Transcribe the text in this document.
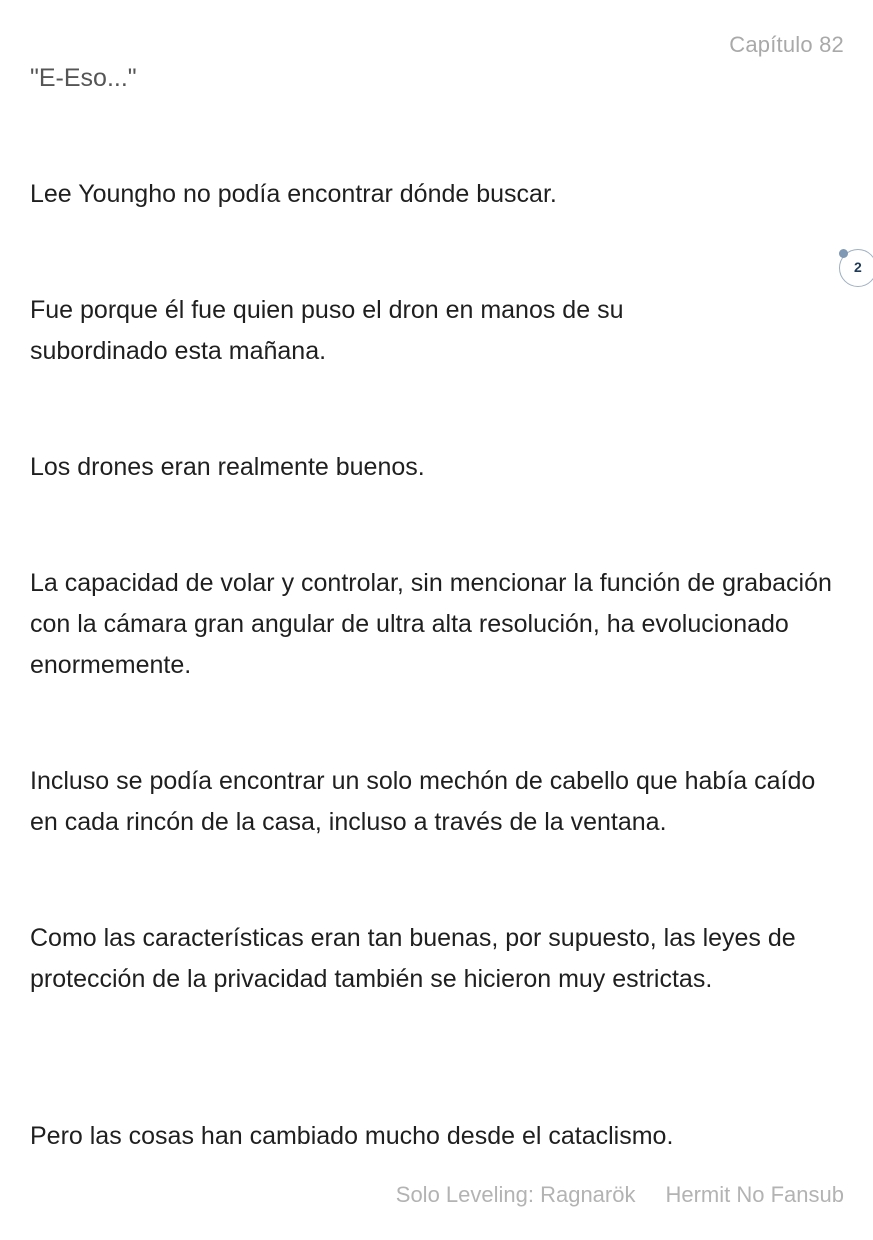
Capítulo 82

"E-Eso..."

Lee Youngho no podía encontrar dónde buscar.

Fue porque él fue quien puso el dron en manos de su subordinado esta mañana.

Los drones eran realmente buenos.

La capacidad de volar y controlar, sin mencionar la función de grabación con la cámara gran angular de ultra alta resolución, ha evolucionado enormemente.

Incluso se podía encontrar un solo mechón de cabello que había caído en cada rincón de la casa, incluso a través de la ventana.

Como las características eran tan buenas, por supuesto, las leyes de protección de la privacidad también se hicieron muy estrictas.

Pero las cosas han cambiado mucho desde el cataclismo.

2
Solo Leveling: Ragnarök Hermit No Fansub
